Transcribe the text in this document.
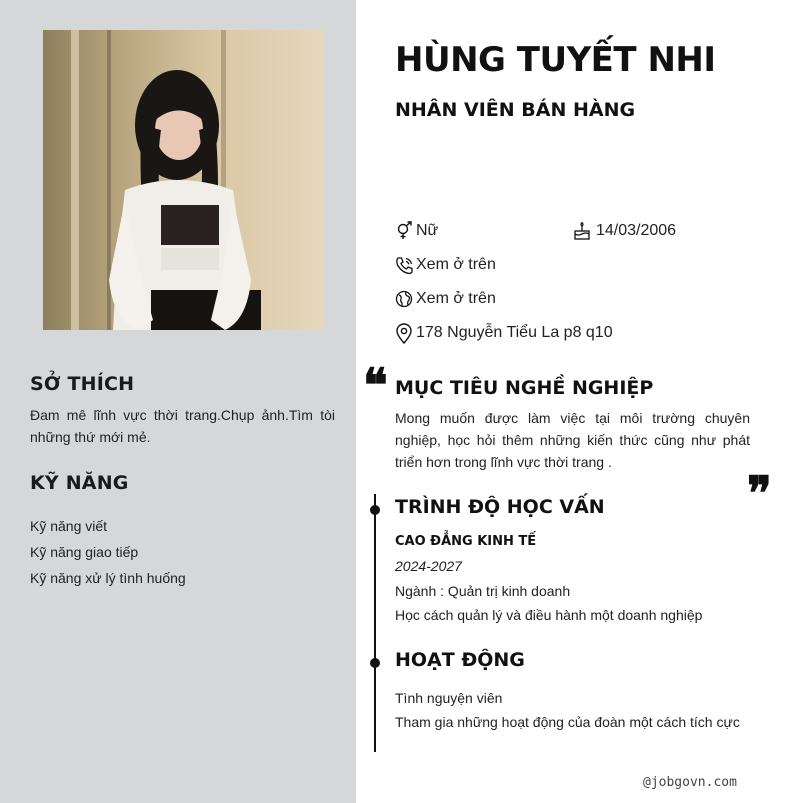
SỞ THÍCH
Đam mê lĩnh vực thời trang.Chụp ảnh.Tìm tòi những thứ mới mẻ.
KỸ NĂNG
Kỹ năng viết
Kỹ năng giao tiếp
Kỹ năng xử lý tình huống
HÙNG TUYẾT NHI
NHÂN VIÊN BÁN HÀNG
Nữ	14/03/2006
Xem ở trên
Xem ở trên
178 Nguyễn Tiểu La p8 q10
❝ MỤC TIÊU NGHỀ NGHIỆP
Mong muốn được làm việc tại môi trường chuyên nghiệp, học hỏi thêm những kiến thức cũng như phát triển hơn trong lĩnh vực thời trang .
❞
TRÌNH ĐỘ HỌC VẤN
CAO ĐẲNG KINH TẾ
2024-2027
Ngành : Quản trị kinh doanh
Học cách quản lý và điều hành một doanh nghiệp
HOẠT ĐỘNG
Tình nguyện viên
Tham gia những hoạt động của đoàn một cách tích cực
@jobgovn.com
